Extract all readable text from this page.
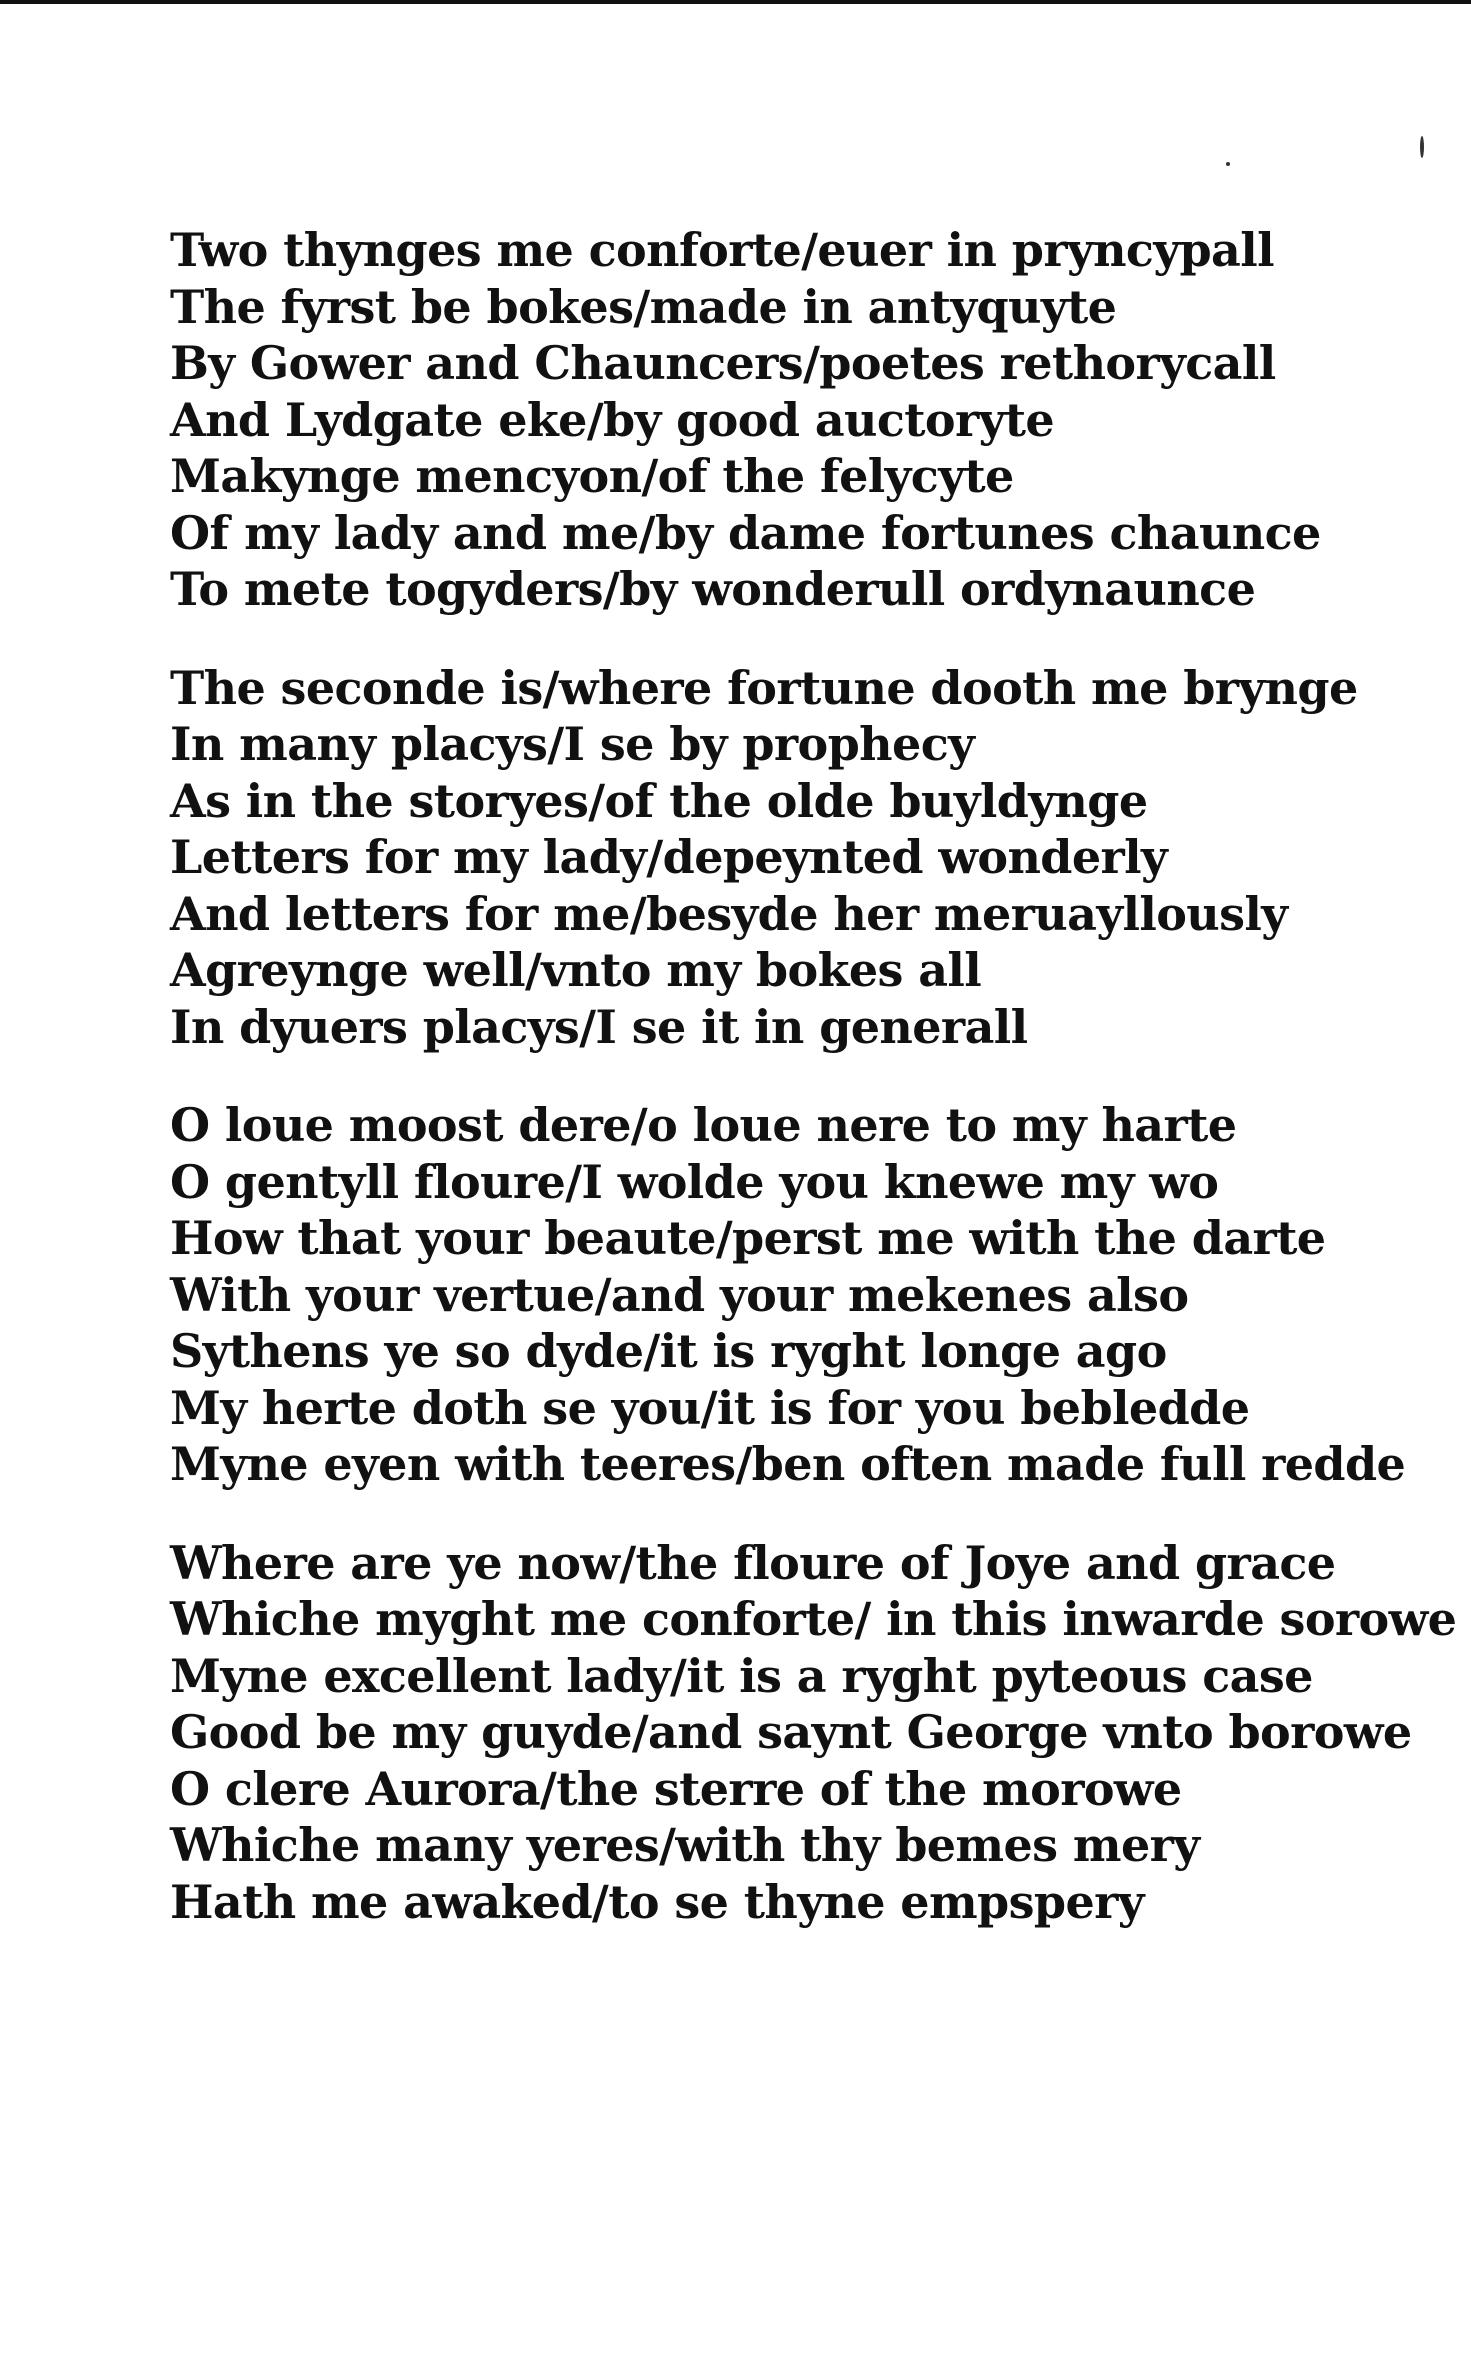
Two thynges me conforte/euer in pryncypall
The fyrst be bokes/made in antyquyte
By Gower and Chauncers/poetes rethorycall
And Lydgate eke/by good auctoryte
Makynge mencyon/of the felycyte
Of my lady and me/by dame fortunes chaunce
To mete togyders/by wonderull ordynaunce
The seconde is/where fortune dooth me brynge
In many placys/I se by prophecy
As in the storyes/of the olde buyldynge
Letters for my lady/depeynted wonderly
And letters for me/besyde her meruayllously
Agreynge well/vnto my bokes all
In dyuers placys/I se it in generall
O loue moost dere/o loue nere to my harte
O gentyll floure/I wolde you knewe my wo
How that your beaute/perst me with the darte
With your vertue/and your mekenes also
Sythens ye so dyde/it is ryght longe ago
My herte doth se you/it is for you bebledde
Myne eyen with teeres/ben often made full redde
Where are ye now/the floure of Joye and grace
Whiche myght me conforte/ in this inwarde sorowe
Myne excellent lady/it is a ryght pyteous case
Good be my guyde/and saynt George vnto borowe
O clere Aurora/the sterre of the morowe
Whiche many yeres/with thy bemes mery
Hath me awaked/to se thyne empspery
